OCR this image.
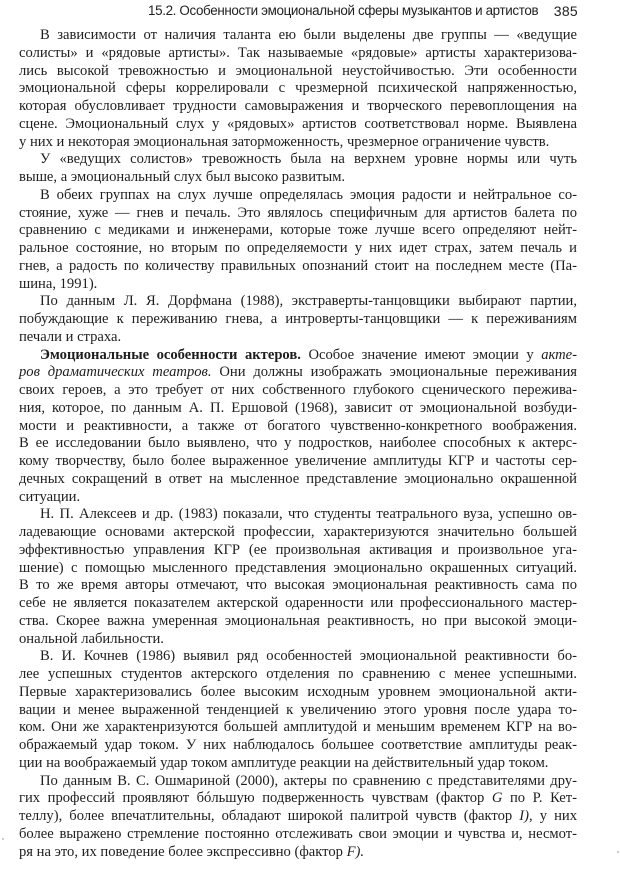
15.2. Особенности эмоциональной сферы музыкантов и артистов 385
В зависимости от наличия таланта ею были выделены две группы — «ведущие
солисты» и «рядовые артисты». Так называемые «рядовые» артисты характеризова-
лись высокой тревожностью и эмоциональной неустойчивостью. Эти особенности
эмоциональной сферы коррелировали с чрезмерной психической напряженностью,
которая обусловливает трудности самовыражения и творческого перевоплощения на
сцене. Эмоциональный слух у «рядовых» артистов соответствовал норме. Выявлена
у них и некоторая эмоциональная заторможенность, чрезмерное ограничение чувств.
У «ведущих солистов» тревожность была на верхнем уровне нормы или чуть
выше, а эмоциональный слух был высоко развитым.
В обеих группах на слух лучше определялась эмоция радости и нейтральное со-
стояние, хуже — гнев и печаль. Это являлось специфичным для артистов балета по
сравнению с медиками и инженерами, которые тоже лучше всего определяют нейт-
ральное состояние, но вторым по определяемости у них идет страх, затем печаль и
гнев, а радость по количеству правильных опознаний стоит на последнем месте (Па-
шина, 1991).
По данным Л. Я. Дорфмана (1988), экстраверты-танцовщики выбирают партии,
побуждающие к переживанию гнева, а интроверты-танцовщики — к переживаниям
печали и страха.
Эмоциональные особенности актеров. Особое значение имеют эмоции у акте-
ров драматических театров. Они должны изображать эмоциональные переживания
своих героев, а это требует от них собственного глубокого сценического пережива-
ния, которое, по данным А. П. Ершовой (1968), зависит от эмоциональной возбуди-
мости и реактивности, а также от богатого чувственно-конкретного воображения.
В ее исследовании было выявлено, что у подростков, наиболее способных к актерс-
кому творчеству, было более выраженное увеличение амплитуды КГР и частоты сер-
дечных сокращений в ответ на мысленное представление эмоционально окрашенной
ситуации.
Н. П. Алексеев и др. (1983) показали, что студенты театрального вуза, успешно ов-
ладевающие основами актерской профессии, характеризуются значительно большей
эффективностью управления КГР (ее произвольная активация и произвольное уга-
шение) с помощью мысленного представления эмоционально окрашенных ситуаций.
В то же время авторы отмечают, что высокая эмоциональная реактивность сама по
себе не является показателем актерской одаренности или профессионального мастер-
ства. Скорее важна умеренная эмоциональная реактивность, но при высокой эмоци-
ональной лабильности.
В. И. Кочнев (1986) выявил ряд особенностей эмоциональной реактивности бо-
лее успешных студентов актерского отделения по сравнению с менее успешными.
Первые характеризовались более высоким исходным уровнем эмоциональной акти-
вации и менее выраженной тенденцией к увеличению этого уровня после удара то-
ком. Они же характенризуются большей амплитудой и меньшим временем КГР на во-
ображаемый удар током. У них наблюдалось большее соответствие амплитуды реак-
ции на воображаемый удар током амплитуде реакции на действительный удар током.
По данным В. С. Ошмариной (2000), актеры по сравнению с представителями дру-
гих профессий проявляют бóльшую подверженность чувствам (фактор G по Р. Кет-
теллу), более впечатлительны, обладают широкой палитрой чувств (фактор I), у них
более выражено стремление постоянно отслеживать свои эмоции и чувства и, несмот-
ря на это, их поведение более экспрессивно (фактор F).
